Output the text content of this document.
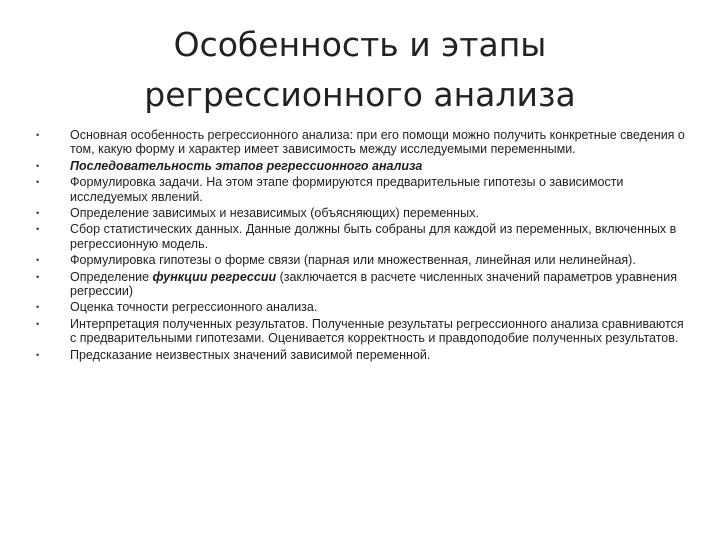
Особенность и этапы
регрессионного анализа
•	Основная особенность регрессионного анализа: при его помощи можно получить конкретные сведения о том, какую форму и характер имеет зависимость между исследуемыми переменными.
•	Последовательность этапов регрессионного анализа
•	Формулировка задачи. На этом этапе формируются предварительные гипотезы о зависимости исследуемых явлений.
•	Определение зависимых и независимых (объясняющих) переменных.
•	Сбор статистических данных. Данные должны быть собраны для каждой из переменных, включенных в регрессионную модель.
•	Формулировка гипотезы о форме связи (парная или множественная, линейная или нелинейная).
•	Определение функции регрессии (заключается в расчете численных значений параметров уравнения регрессии)
•	Оценка точности регрессионного анализа.
•	Интерпретация полученных результатов. Полученные результаты регрессионного анализа сравниваются с предварительными гипотезами. Оценивается корректность и правдоподобие полученных результатов.
•	Предсказание неизвестных значений зависимой переменной.
